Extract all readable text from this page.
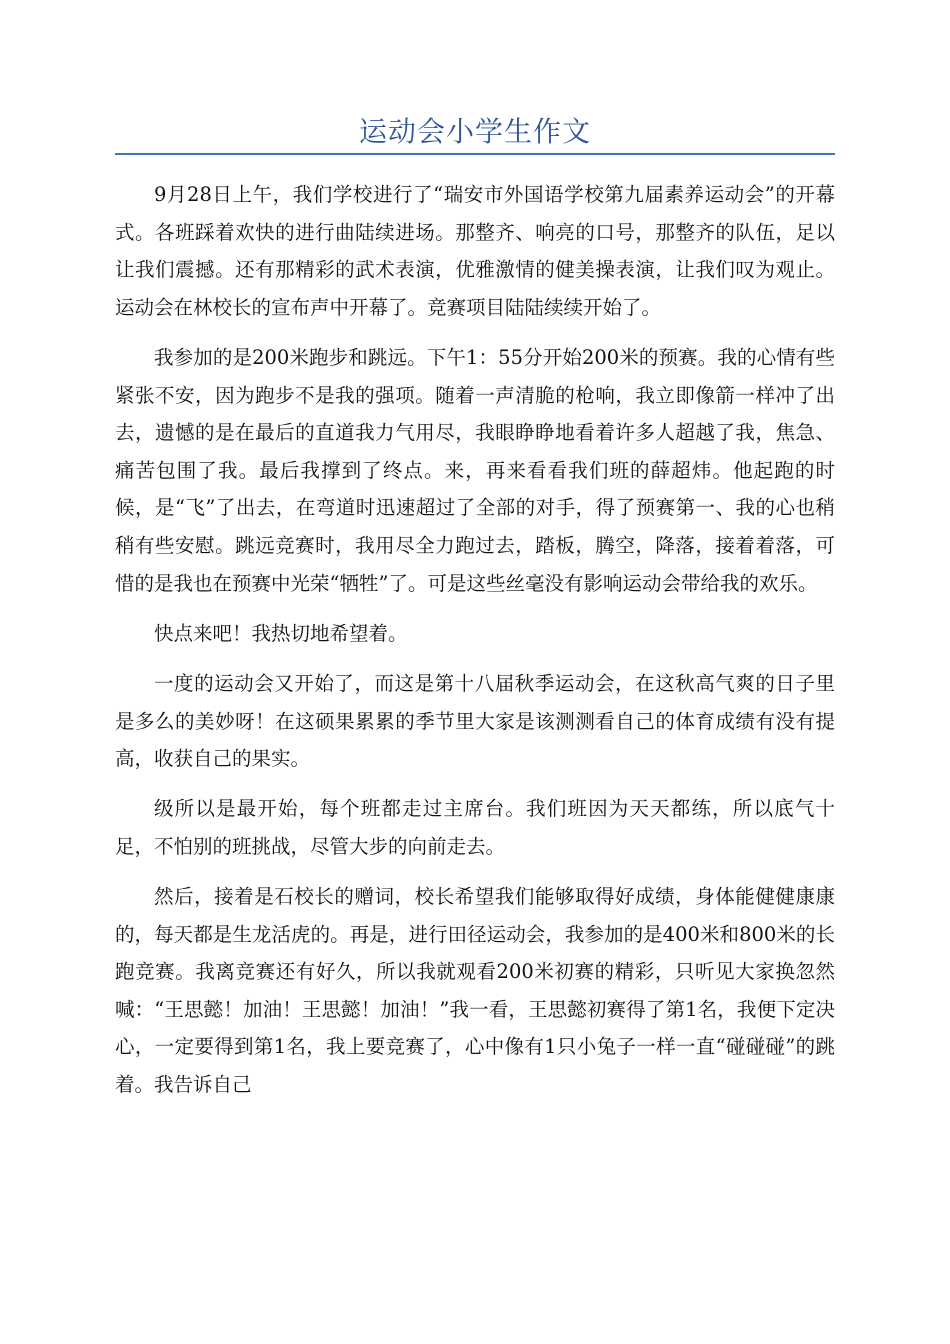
运动会小学生作文

9月28日上午，我们学校进行了“瑞安市外国语学校第九届素养运动会”的开幕式。各班踩着欢快的进行曲陆续进场。那整齐、响亮的口号，那整齐的队伍，足以让我们震撼。还有那精彩的武术表演，优雅激情的健美操表演，让我们叹为观止。运动会在林校长的宣布声中开幕了。竞赛项目陆陆续续开始了。

我参加的是200米跑步和跳远。下午1：55分开始200米的预赛。我的心情有些紧张不安，因为跑步不是我的强项。随着一声清脆的枪响，我立即像箭一样冲了出去，遗憾的是在最后的直道我力气用尽，我眼睁睁地看着许多人超越了我，焦急、痛苦包围了我。最后我撑到了终点。来，再来看看我们班的薛超炜。他起跑的时候，是“飞”了出去，在弯道时迅速超过了全部的对手，得了预赛第一、我的心也稍稍有些安慰。跳远竞赛时，我用尽全力跑过去，踏板，腾空，降落，接着着落，可惜的是我也在预赛中光荣“牺牲”了。可是这些丝毫没有影响运动会带给我的欢乐。

快点来吧！我热切地希望着。

一度的运动会又开始了，而这是第十八届秋季运动会，在这秋高气爽的日子里是多么的美妙呀！在这硕果累累的季节里大家是该测测看自己的体育成绩有没有提高，收获自己的果实。

级所以是最开始，每个班都走过主席台。我们班因为天天都练，所以底气十足，不怕别的班挑战，尽管大步的向前走去。

然后，接着是石校长的赠词，校长希望我们能够取得好成绩，身体能健健康康的，每天都是生龙活虎的。再是，进行田径运动会，我参加的是400米和800米的长跑竞赛。我离竞赛还有好久，所以我就观看200米初赛的精彩，只听见大家换忽然喊：“王思懿！加油！王思懿！加油！”我一看，王思懿初赛得了第1名，我便下定决心，一定要得到第1名，我上要竞赛了，心中像有1只小兔子一样一直“碰碰碰”的跳着。我告诉自己
